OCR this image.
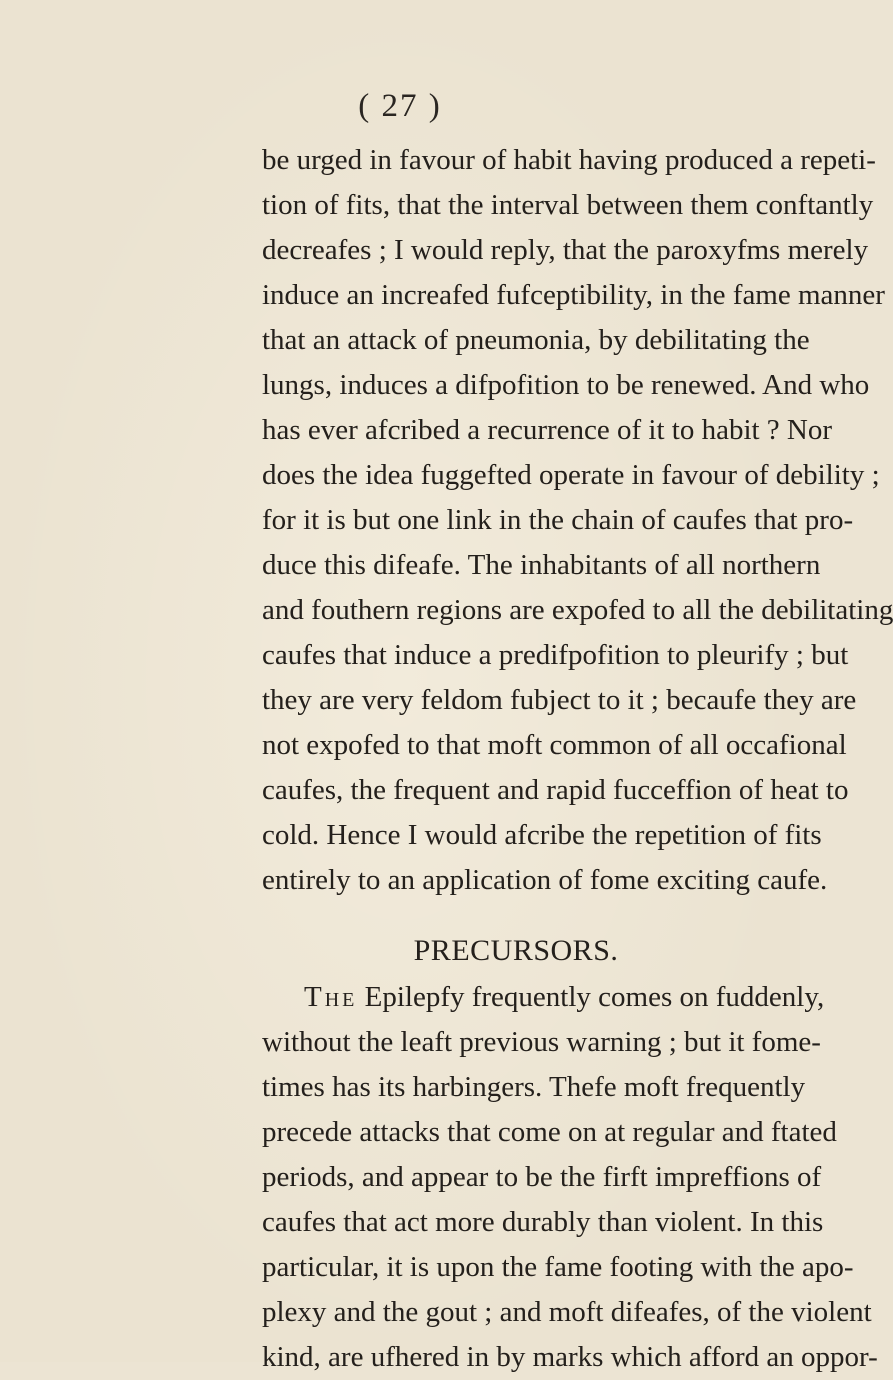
( 27 )
be urged in favour of habit having produced a repeti-
tion of fits, that the interval between them conftantly
decreafes ; I would reply, that the paroxyfms merely
induce an increafed fufceptibility, in the fame manner
that an attack of pneumonia, by debilitating the
lungs, induces a difpofition to be renewed. And who
has ever afcribed a recurrence of it to habit ? Nor
does the idea fuggefted operate in favour of debility ;
for it is but one link in the chain of caufes that pro-
duce this difeafe. The inhabitants of all northern
and fouthern regions are expofed to all the debilitating
caufes that induce a predifpofition to pleurify ; but
they are very feldom fubject to it ; becaufe they are
not expofed to that moft common of all occafional
caufes, the frequent and rapid fucceffion of heat to
cold. Hence I would afcribe the repetition of fits
entirely to an application of fome exciting caufe.
PRECURSORS.
The Epilepfy frequently comes on fuddenly,
without the leaft previous warning ; but it fome-
times has its harbingers. Thefe moft frequently
precede attacks that come on at regular and ftated
periods, and appear to be the firft impreffions of
caufes that act more durably than violent. In this
particular, it is upon the fame footing with the apo-
plexy and the gout ; and moft difeafes, of the violent
kind, are ufhered in by marks which afford an oppor-
